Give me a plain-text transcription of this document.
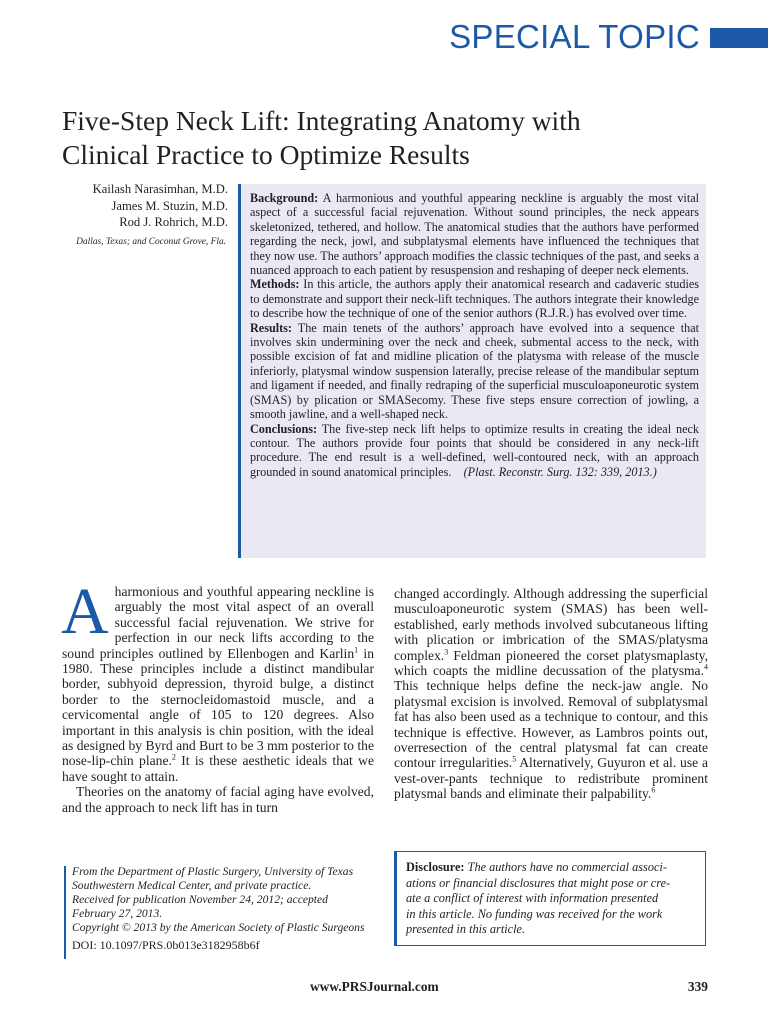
SPECIAL TOPIC
Five-Step Neck Lift: Integrating Anatomy with
Clinical Practice to Optimize Results
Kailash Narasimhan, M.D.
James M. Stuzin, M.D.
Rod J. Rohrich, M.D.
Dallas, Texas; and Coconut Grove, Fla.

Background: A harmonious and youthful appearing neckline is arguably the most vital aspect of a successful facial rejuvenation. Without sound principles, the neck appears skeletonized, tethered, and hollow. The anatomical studies that the authors have performed regarding the neck, jowl, and subplatysmal elements have influenced the techniques that they now use. The authors’ approach modifies the classic techniques of the past, and seeks a nuanced approach to each patient by resuspension and reshaping of deeper neck elements.

Methods: In this article, the authors apply their anatomical research and cadaveric studies to demonstrate and support their neck-lift techniques. The authors integrate their knowledge to describe how the technique of one of the senior authors (R.J.R.) has evolved over time.

Results: The main tenets of the authors’ approach have evolved into a sequence that involves skin undermining over the neck and cheek, submental access to the neck, with possible excision of fat and midline plication of the platysma with release of the muscle inferiorly, platysmal window suspension laterally, precise release of the mandibular septum and ligament if needed, and finally redraping of the superficial musculoaponeurotic system (SMAS) by plication or SMASecomy. These five steps ensure correction of jowling, a smooth jawline, and a well-shaped neck.

Conclusions: The five-step neck lift helps to optimize results in creating the ideal neck contour. The authors provide four points that should be considered in any neck-lift procedure. The end result is a well-defined, well-contoured neck, with an approach grounded in sound anatomical principles. (Plast. Reconstr. Surg. 132: 339, 2013.)

Aharmonious and youthful appearing neckline is arguably the most vital aspect of an overall successful facial rejuvenation. We strive for perfection in our neck lifts according to the sound principles outlined by Ellenbogen and Karlin$^1$ in 1980. These principles include a distinct mandibular border, subhyoid depression, thyroid bulge, a distinct border to the sternocleidomastoid muscle, and a cervicomental angle of 105 to 120 degrees. Also important in this analysis is chin position, with the ideal as designed by Byrd and Burt to be 3 mm posterior to the nose-lip-chin plane.$^2$ It is these aesthetic ideals that we have sought to attain.

Theories on the anatomy of facial aging have evolved, and the approach to neck lift has in turn

changed accordingly. Although addressing the superficial musculoaponeurotic system (SMAS) has been well-established, early methods involved subcutaneous lifting with plication or imbrication of the SMAS/platysma complex.$^3$ Feldman pioneered the corset platysmaplasty, which coapts the midline decussation of the platysma.$^4$ This technique helps define the neck-jaw angle. No platysmal excision is involved. Removal of subplatysmal fat has also been used as a technique to contour, and this technique is effective. However, as Lambros points out, overresection of the central platysmal fat can create contour irregularities.$^5$ Alternatively, Guyuron et al. use a vest-over-pants technique to redistribute prominent platysmal bands and eliminate their palpability.$^6$

From the Department of Plastic Surgery, University of Texas
Southwestern Medical Center, and private practice.
Received for publication November 24, 2012; accepted
February 27, 2013.
Copyright © 2013 by the American Society of Plastic Surgeons
DOI: 10.1097/PRS.0b013e3182958b6f
Disclosure: The authors have no commercial associ-
ations or financial disclosures that might pose or cre-
ate a conflict of interest with information presented
in this article. No funding was received for the work
presented in this article.
www.PRSJournal.com	339
